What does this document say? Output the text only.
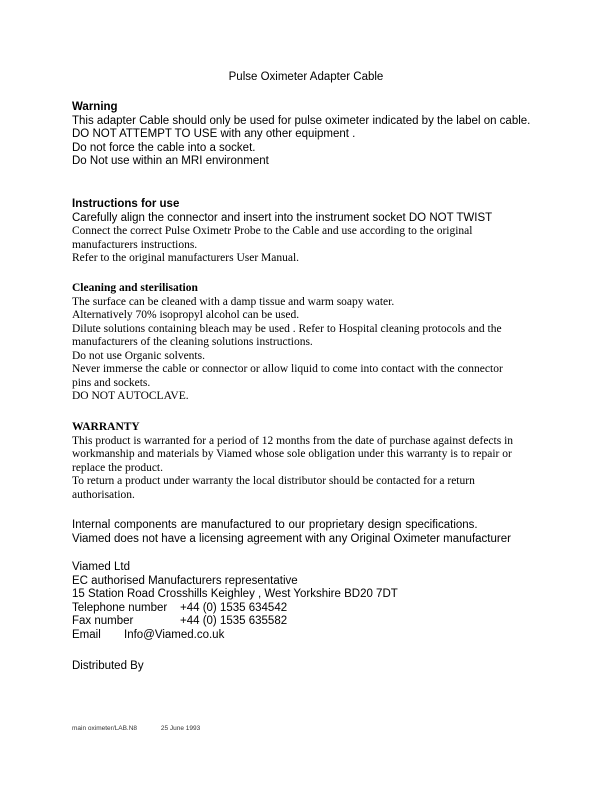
Pulse Oximeter Adapter Cable
Warning
This adapter Cable should only be used for pulse oximeter indicated by the label on cable.
DO NOT ATTEMPT TO USE with any other equipment .
Do not force the cable into a socket.
Do Not use within an MRI environment
Instructions for use
Carefully align the connector and insert into the instrument socket DO NOT TWIST
Connect the correct Pulse Oximetr Probe to the Cable and use according to the original
manufacturers instructions.
Refer to the original manufacturers User Manual.
Cleaning and sterilisation
The surface can be cleaned with a damp tissue and warm soapy water.
Alternatively 70% isopropyl alcohol can be used.
Dilute solutions containing bleach may be used . Refer to Hospital cleaning protocols and the
manufacturers of the cleaning solutions instructions.
Do not use Organic solvents.
Never immerse the cable or connector or allow liquid to come into contact with the connector
pins and sockets.
DO NOT AUTOCLAVE.
WARRANTY
This product is warranted for a period of 12 months from the date of purchase against defects in
workmanship and materials by Viamed whose sole obligation under this warranty is to repair or
replace the product.
To return a product under warranty the local distributor should be contacted for a return
authorisation.
Internal components are manufactured to our proprietary design specifications.
Viamed does not have a licensing agreement with any Original Oximeter manufacturer
Viamed Ltd
EC authorised Manufacturers representative
15 Station Road Crosshills Keighley , West Yorkshire BD20 7DT
Telephone number	+44 (0) 1535 634542
Fax number	+44 (0) 1535 635582
Email	Info@Viamed.co.uk
Distributed By
main oximeter/LAB.N8	25 June 1993
